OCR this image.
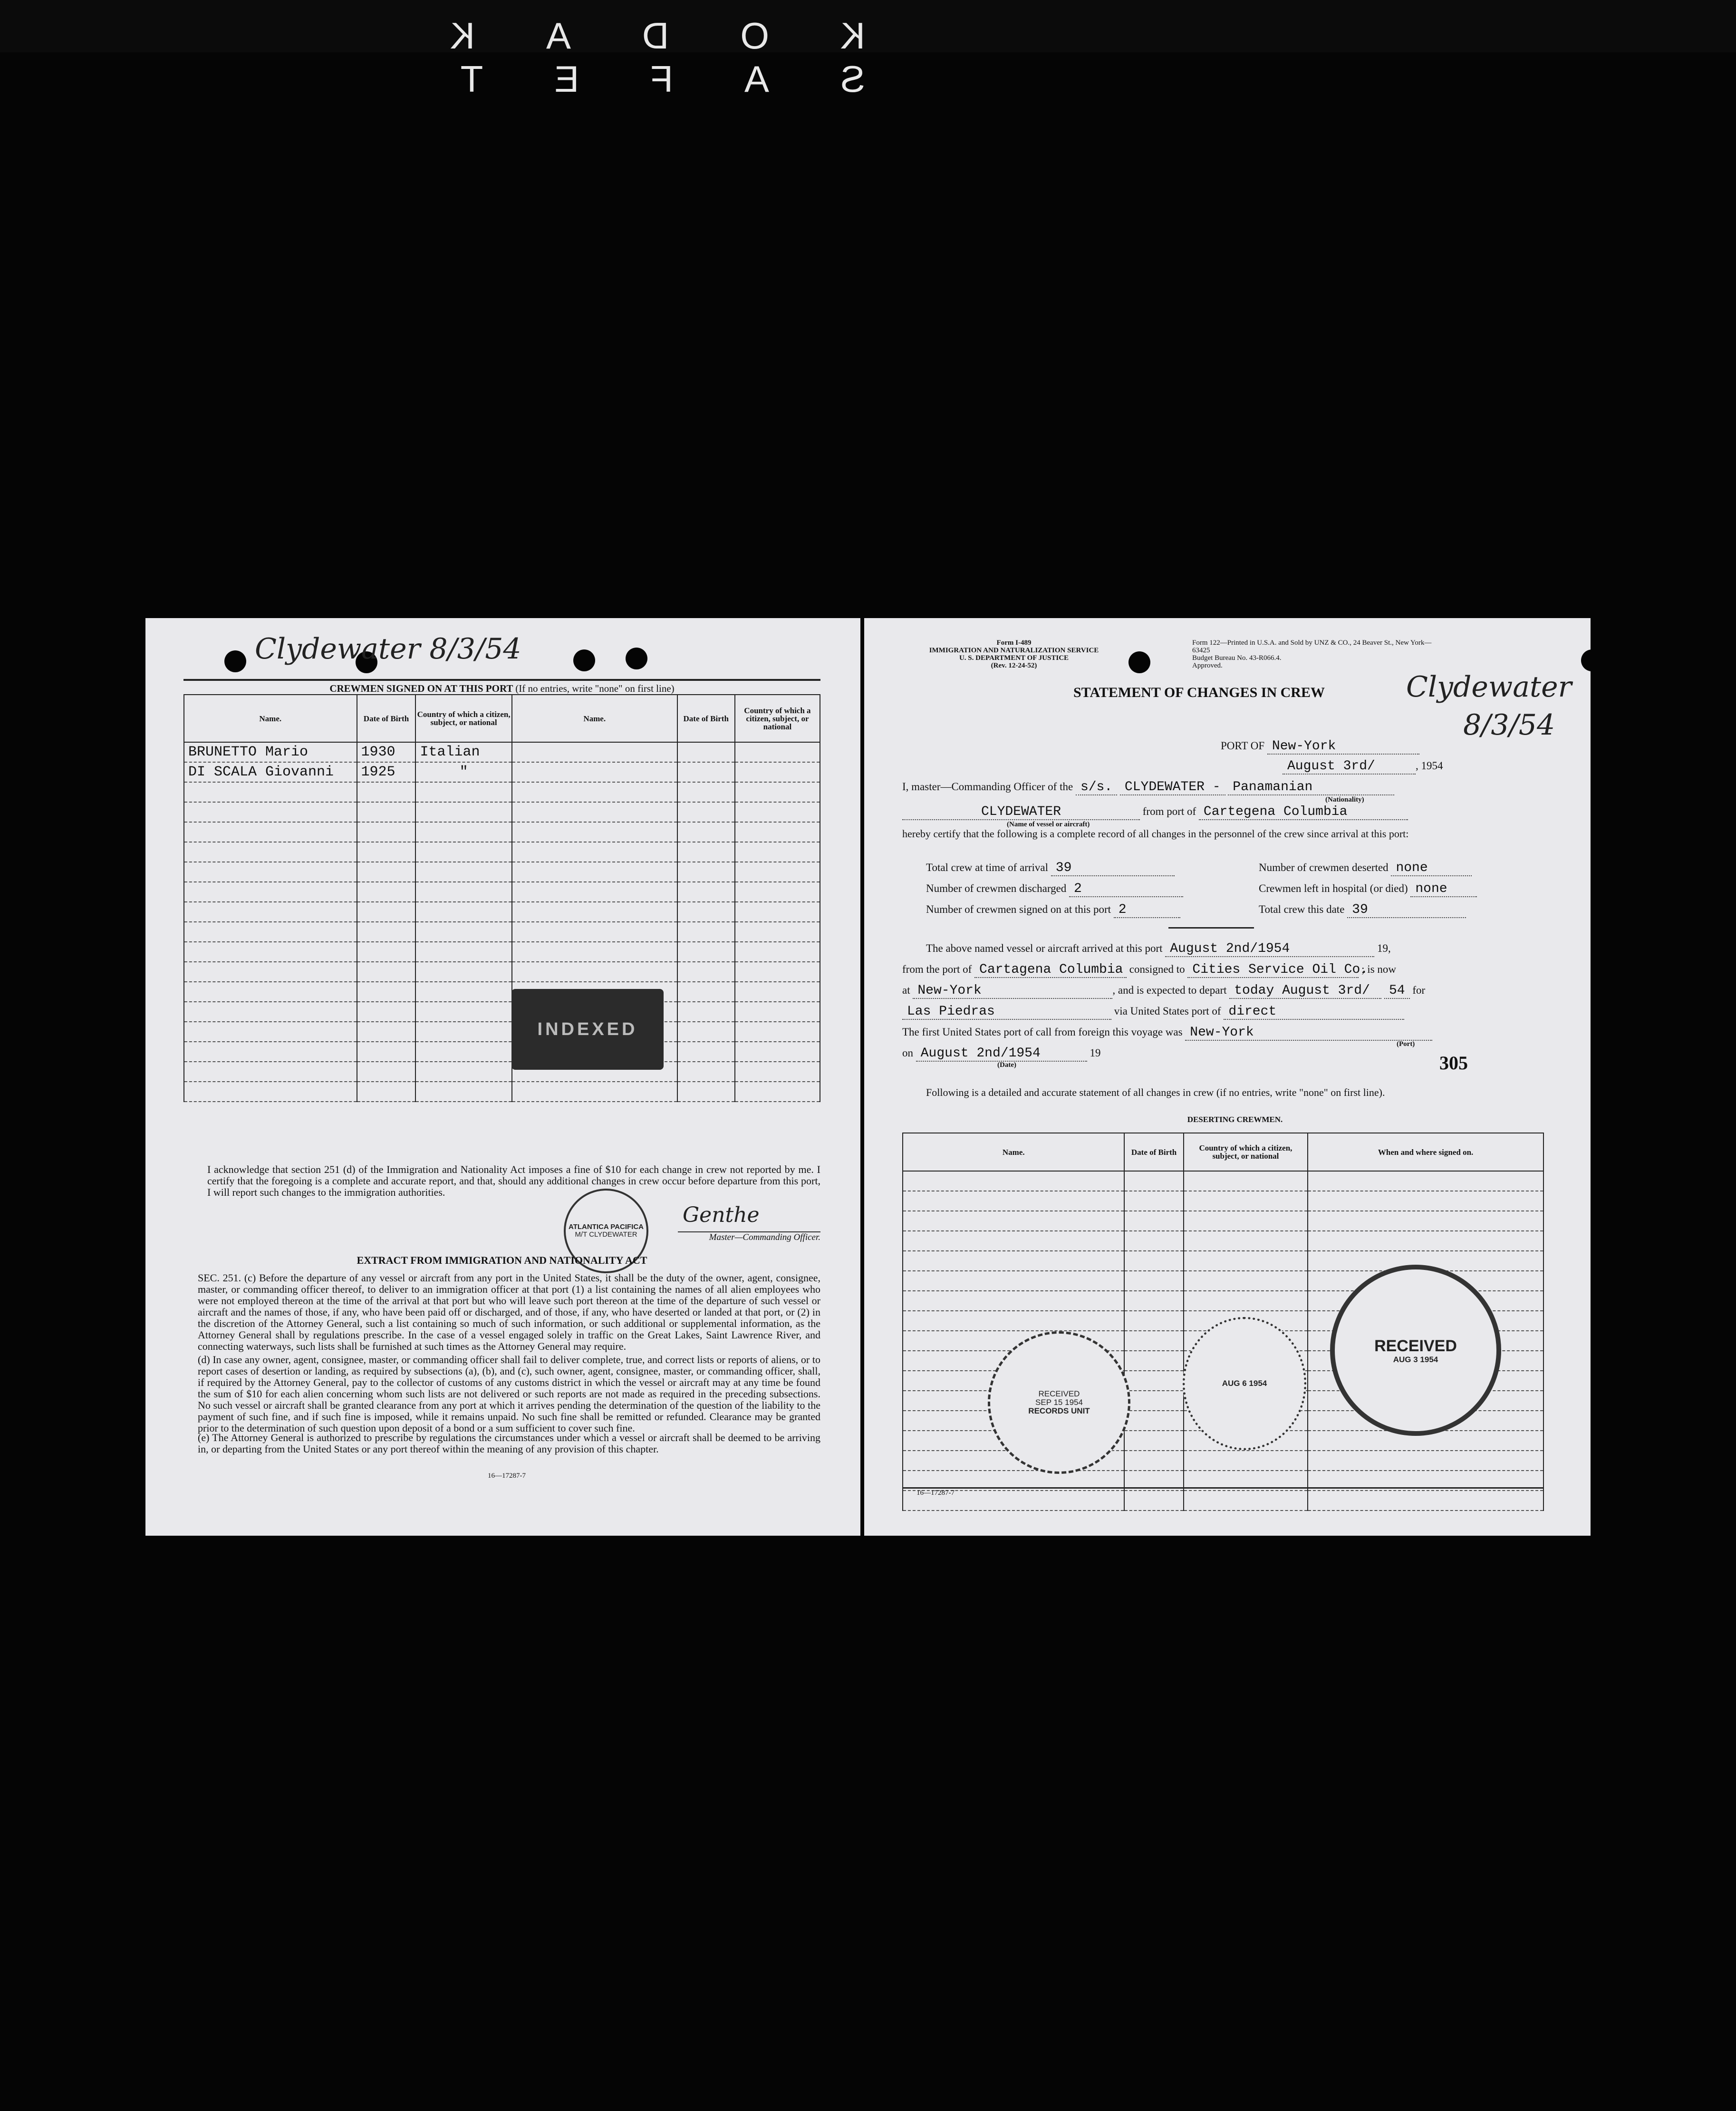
KODAK SAFET
Clydewater 8/3/54
CREWMEN SIGNED ON AT THIS PORT (If no entries, write "none" on first line)
Name.	Date of Birth	Country of which a citizen, subject, or national	Name.	Date of Birth	Country of which a citizen, subject, or national
BRUNETTO Mario	1930	Italian			
DI SCALA Giovanni	1925	"			

INDEXED
I acknowledge that section 251 (d) of the Immigration and Nationality Act imposes a fine of $10 for each change in crew not reported by me. I certify that the foregoing is a complete and accurate report, and that, should any additional changes in crew occur before departure from this port, I will report such changes to the immigration authorities.
ATLANTICA PACIFICA
M/T CLYDEWATER
Genthe
Master—Commanding Officer.
EXTRACT FROM IMMIGRATION AND NATIONALITY ACT
SEC. 251. (c) Before the departure of any vessel or aircraft from any port in the United States, it shall be the duty of the owner, agent, consignee, master, or commanding officer thereof, to deliver to an immigration officer at that port (1) a list containing the names of all alien employees who were not employed thereon at the time of the arrival at that port but who will leave such port thereon at the time of the departure of such vessel or aircraft and the names of those, if any, who have been paid off or discharged, and of those, if any, who have deserted or landed at that port, or (2) in the discretion of the Attorney General, such a list containing so much of such information, or such additional or supplemental information, as the Attorney General shall by regulations prescribe. In the case of a vessel engaged solely in traffic on the Great Lakes, Saint Lawrence River, and connecting waterways, such lists shall be furnished at such times as the Attorney General may require.
(d) In case any owner, agent, consignee, master, or commanding officer shall fail to deliver complete, true, and correct lists or reports of aliens, or to report cases of desertion or landing, as required by subsections (a), (b), and (c), such owner, agent, consignee, master, or commanding officer, shall, if required by the Attorney General, pay to the collector of customs of any customs district in which the vessel or aircraft may at any time be found the sum of $10 for each alien concerning whom such lists are not delivered or such reports are not made as required in the preceding subsections. No such vessel or aircraft shall be granted clearance from any port at which it arrives pending the determination of the question of the liability to the payment of such fine, and if such fine is imposed, while it remains unpaid. No such fine shall be remitted or refunded. Clearance may be granted prior to the determination of such question upon deposit of a bond or a sum sufficient to cover such fine.
(e) The Attorney General is authorized to prescribe by regulations the circumstances under which a vessel or aircraft shall be deemed to be arriving in, or departing from the United States or any port thereof within the meaning of any provision of this chapter.
16—17287-7
Form I-489
IMMIGRATION AND NATURALIZATION SERVICE
U. S. DEPARTMENT OF JUSTICE
(Rev. 12-24-52)
Form 122—Printed in U.S.A. and Sold by UNZ & CO., 24 Beaver St., New York—63425
Budget Bureau No. 43-R066.4.
Approved.
STATEMENT OF CHANGES IN CREW	Clydewater
8/3/54
PORT OF New-York
August 3rd/	, 1954
I, master—Commanding Officer of the s/s. CLYDEWATER - Panamanian
(Nationality)
CLYDEWATER	from port of Cartegena Columbia
(Name of vessel or aircraft)
hereby certify that the following is a complete record of all changes in the personnel of the crew since arrival at this port:
Total crew at time of arrival 39	Number of crewmen deserted none
Number of crewmen discharged 2	Crewmen left in hospital (or died) none
Number of crewmen signed on at this port 2	Total crew this date 39
The above named vessel or aircraft arrived at this port August 2nd/1954	19,
from the port of Cartagena Columbia consigned to Cities Service Oil Co. ; is now
at New-York	, and is expected to depart today August 3rd/ 54 for
Las Piedras	via United States port of direct
The first United States port of call from foreign this voyage was New-York
(Port)
on August 2nd/1954	19
(Date)	305
Following is a detailed and accurate statement of all changes in crew (if no entries, write "none" on first line).
DESERTING CREWMEN.
Name.	Date of Birth	Country of which a citizen, subject, or national	When and where signed on.

RECEIVED
SEP 15 1954
RECORDS UNIT
AUG 6 1954
RECEIVED
AUG 3 1954
16—17287-7
